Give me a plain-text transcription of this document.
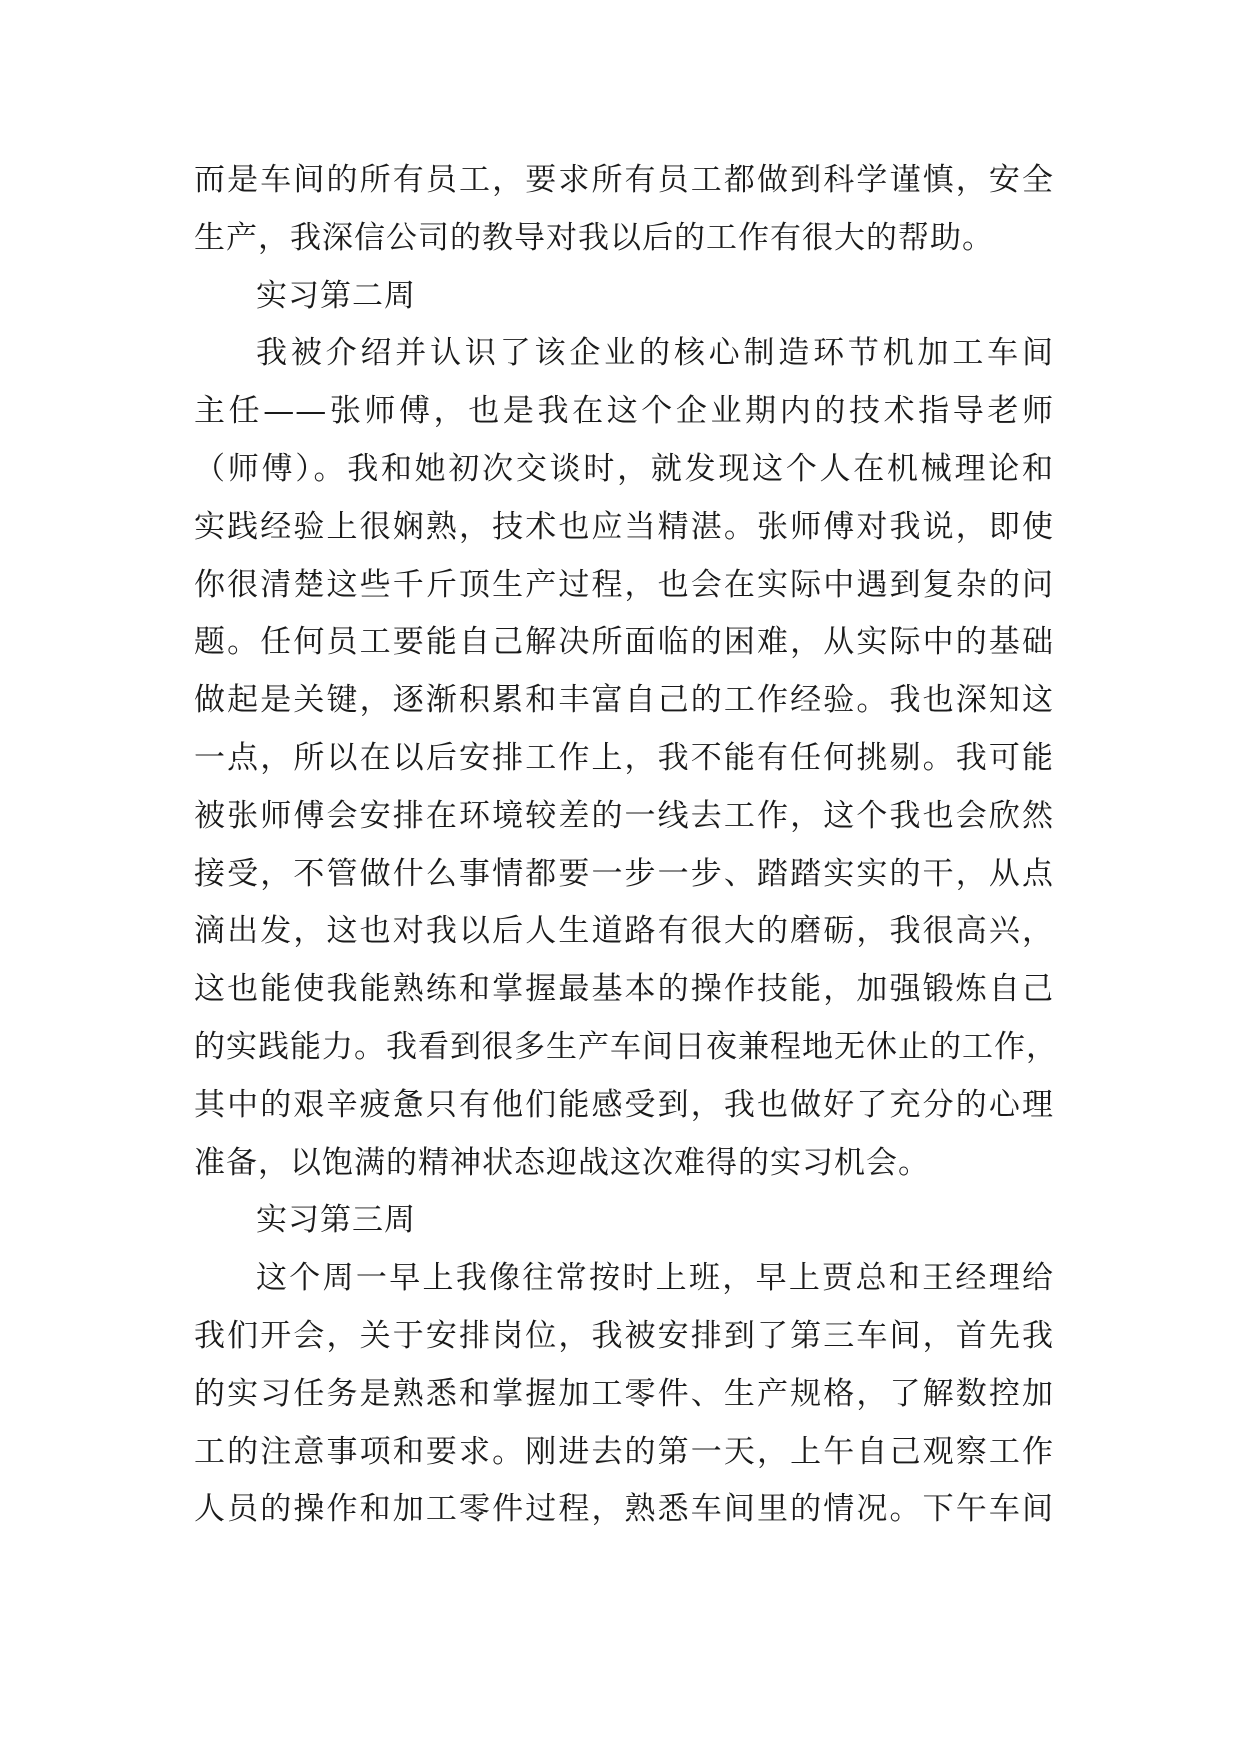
而是车间的所有员工，要求所有员工都做到科学谨慎，安全
生产，我深信公司的教导对我以后的工作有很大的帮助。
实习第二周
我被介绍并认识了该企业的核心制造环节机加工车间
主任——张师傅，也是我在这个企业期内的技术指导老师
（师傅）。我和她初次交谈时，就发现这个人在机械理论和
实践经验上很娴熟，技术也应当精湛。张师傅对我说，即使
你很清楚这些千斤顶生产过程，也会在实际中遇到复杂的问
题。任何员工要能自己解决所面临的困难，从实际中的基础
做起是关键，逐渐积累和丰富自己的工作经验。我也深知这
一点，所以在以后安排工作上，我不能有任何挑剔。我可能
被张师傅会安排在环境较差的一线去工作，这个我也会欣然
接受，不管做什么事情都要一步一步、踏踏实实的干，从点
滴出发，这也对我以后人生道路有很大的磨砺，我很高兴，
这也能使我能熟练和掌握最基本的操作技能，加强锻炼自己
的实践能力。我看到很多生产车间日夜兼程地无休止的工作，
其中的艰辛疲惫只有他们能感受到，我也做好了充分的心理
准备，以饱满的精神状态迎战这次难得的实习机会。
实习第三周
这个周一早上我像往常按时上班，早上贾总和王经理给
我们开会，关于安排岗位，我被安排到了第三车间，首先我
的实习任务是熟悉和掌握加工零件、生产规格，了解数控加
工的注意事项和要求。刚进去的第一天，上午自己观察工作
人员的操作和加工零件过程，熟悉车间里的情况。下午车间
